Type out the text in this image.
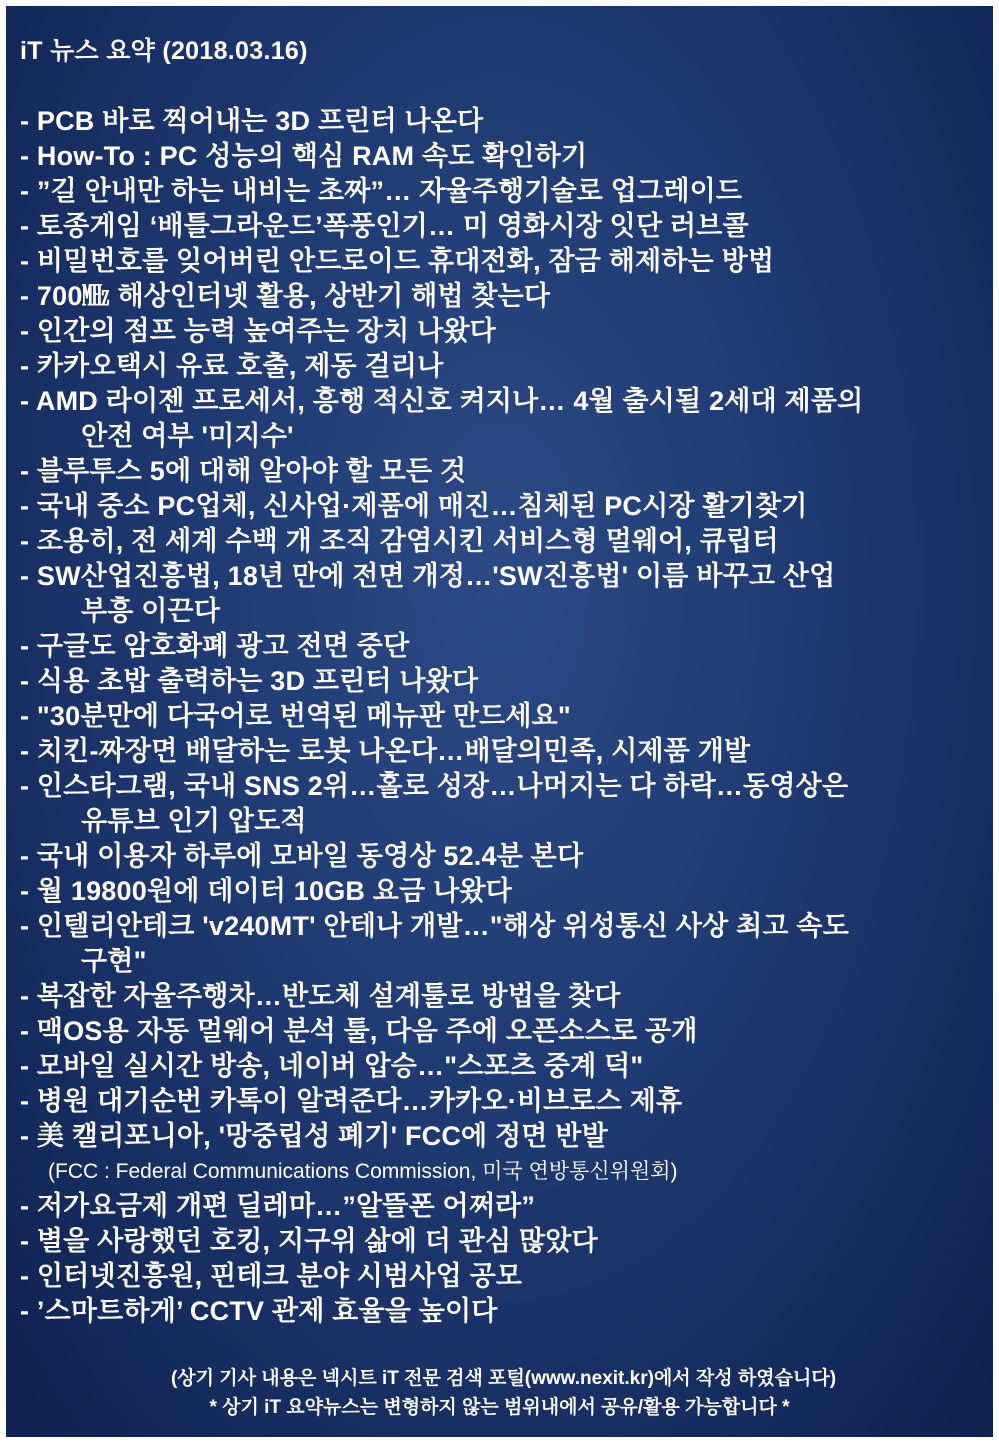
iT 뉴스 요약 (2018.03.16)
- PCB 바로 찍어내는 3D 프린터 나온다
- How-To : PC 성능의 핵심 RAM 속도 확인하기
- ”길 안내만 하는 내비는 초짜”… 자율주행기술로 업그레이드
- 토종게임 ‘배틀그라운드’폭풍인기… 미 영화시장 잇단 러브콜
- 비밀번호를 잊어버린 안드로이드 휴대전화, 잠금 해제하는 방법
- 700㎒ 해상인터넷 활용, 상반기 해법 찾는다
- 인간의 점프 능력 높여주는 장치 나왔다
- 카카오택시 유료 호출, 제동 걸리나
- AMD 라이젠 프로세서, 흥행 적신호 켜지나… 4월 출시될 2세대 제품의
안전 여부 '미지수'
- 블루투스 5에 대해 알아야 할 모든 것
- 국내 중소 PC업체, 신사업·제품에 매진…침체된 PC시장 활기찾기
- 조용히, 전 세계 수백 개 조직 감염시킨 서비스형 멀웨어, 큐립터
- SW산업진흥법, 18년 만에 전면 개정…'SW진흥법' 이름 바꾸고 산업
부흥 이끈다
- 구글도 암호화폐 광고 전면 중단
- 식용 초밥 출력하는 3D 프린터 나왔다
- "30분만에 다국어로 번역된 메뉴판 만드세요"
- 치킨-짜장면 배달하는 로봇 나온다…배달의민족, 시제품 개발
- 인스타그램, 국내 SNS 2위…홀로 성장…나머지는 다 하락…동영상은
유튜브 인기 압도적
- 국내 이용자 하루에 모바일 동영상 52.4분 본다
- 월 19800원에 데이터 10GB 요금 나왔다
- 인텔리안테크 'v240MT' 안테나 개발…"해상 위성통신 사상 최고 속도
구현"
- 복잡한 자율주행차…반도체 설계툴로 방법을 찾다
- 맥OS용 자동 멀웨어 분석 툴, 다음 주에 오픈소스로 공개
- 모바일 실시간 방송, 네이버 압승…"스포츠 중계 덕"
- 병원 대기순번 카톡이 알려준다…카카오·비브로스 제휴
- 美 캘리포니아, '망중립성 폐기' FCC에 정면 반발
(FCC : Federal Communications Commission, 미국 연방통신위원회)
- 저가요금제 개편 딜레마…”알뜰폰 어쩌라”
- 별을 사랑했던 호킹, 지구위 삶에 더 관심 많았다
- 인터넷진흥원, 핀테크 분야 시범사업 공모
- ’스마트하게’ CCTV 관제 효율을 높이다
(상기 기사 내용은 넥시트 iT 전문 검색 포털(www.nexit.kr)에서 작성 하였습니다)
* 상기 iT 요약뉴스는 변형하지 않는 범위내에서 공유/활용 가능합니다 *
